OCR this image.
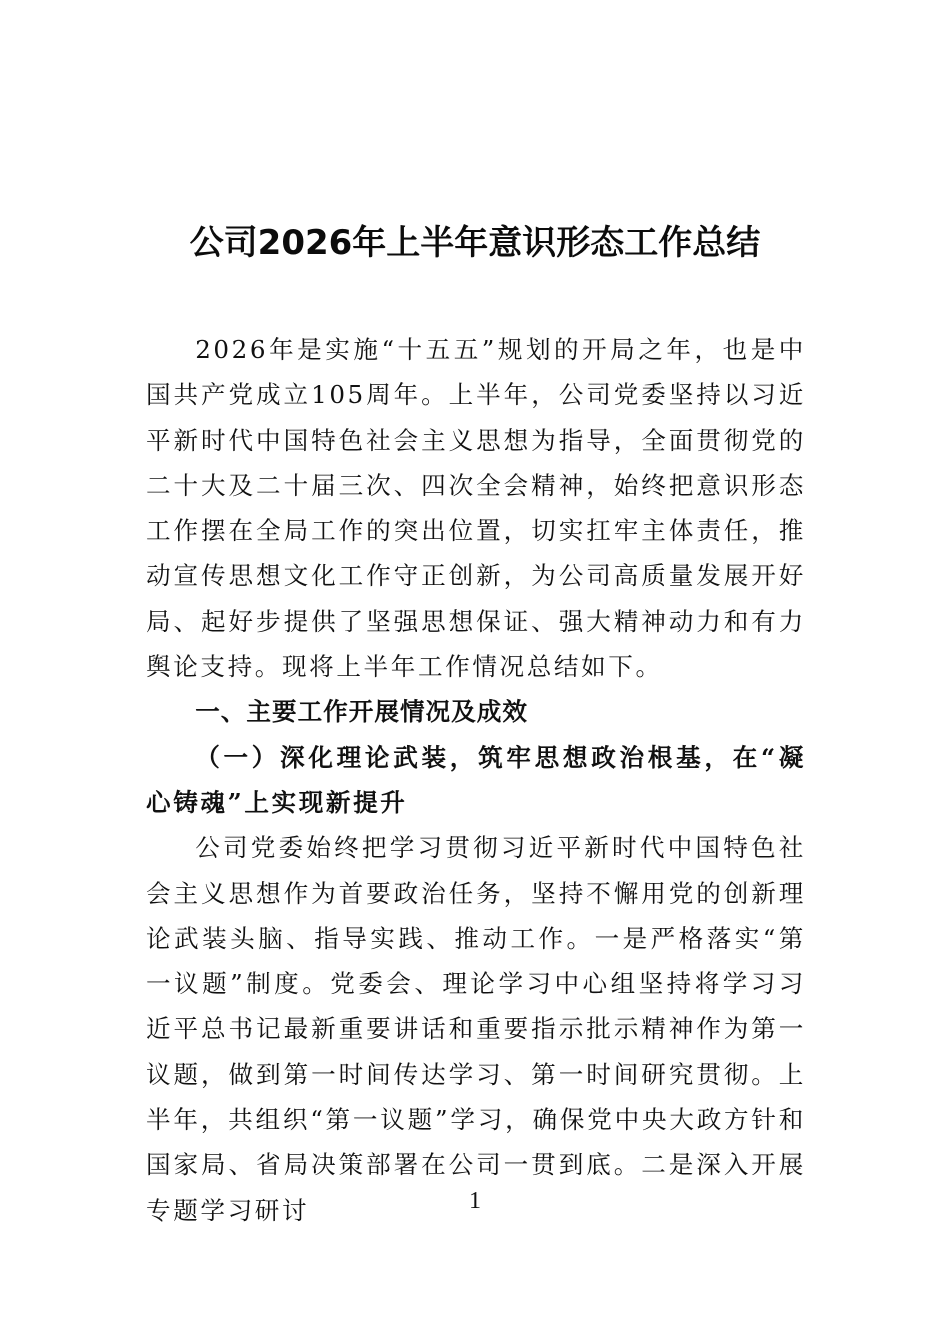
公司2026年上半年意识形态工作总结

2026年是实施“十五五”规划的开局之年，也是中国共产党成立105周年。上半年，公司党委坚持以习近平新时代中国特色社会主义思想为指导，全面贯彻党的二十大及二十届三次、四次全会精神，始终把意识形态工作摆在全局工作的突出位置，切实扛牢主体责任，推动宣传思想文化工作守正创新，为公司高质量发展开好局、起好步提供了坚强思想保证、强大精神动力和有力舆论支持。现将上半年工作情况总结如下。

一、主要工作开展情况及成效

（一）深化理论武装，筑牢思想政治根基，在“凝心铸魂”上实现新提升

公司党委始终把学习贯彻习近平新时代中国特色社会主义思想作为首要政治任务，坚持不懈用党的创新理论武装头脑、指导实践、推动工作。一是严格落实“第一议题”制度。党委会、理论学习中心组坚持将学习习近平总书记最新重要讲话和重要指示批示精神作为第一议题，做到第一时间传达学习、第一时间研究贯彻。上半年，共组织“第一议题”学习，确保党中央大政方针和国家局、省局决策部署在公司一贯到底。二是深入开展专题学习研讨	1
